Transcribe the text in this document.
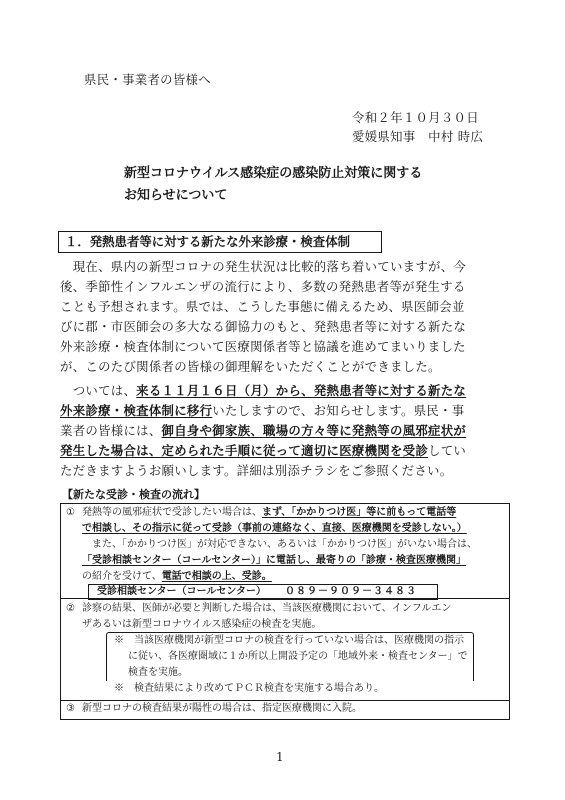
県民・事業者の皆様へ
令和２年１０月３０日
愛媛県知事　中村 時広
新型コロナウイルス感染症の感染防止対策に関する
お知らせについて
１．発熱患者等に対する新たな外来診療・検査体制
　現在、県内の新型コロナの発生状況は比較的落ち着いていますが、今
後、季節性インフルエンザの流行により、多数の発熱患者等が発生する
ことも予想されます。県では、こうした事態に備えるため、県医師会並
びに郡・市医師会の多大なる御協力のもと、発熱患者等に対する新たな
外来診療・検査体制について医療関係者等と協議を進めてまいりました
が、このたび関係者の皆様の御理解をいただくことができました。
　ついては、来る１１月１６日（月）から、発熱患者等に対する新たな
外来診療・検査体制に移行いたしますので、お知らせします。県民・事
業者の皆様には、御自身や御家族、職場の方々等に発熱等の風邪症状が
発生した場合は、定められた手順に従って適切に医療機関を受診してい
ただきますようお願いします。詳細は別添チラシをご参照ください。
【新たな受診・検査の流れ】
① 発熱等の風邪症状で受診したい場合は、まず、「かかりつけ医」等に前もって電話等
で相談し、その指示に従って受診（事前の連絡なく、直接、医療機関を受診しない。）
また、「かかりつけ医」が対応できない、あるいは「かかりつけ医」がいない場合は、
「受診相談センター（コールセンター）」に電話し、最寄りの「診療・検査医療機関」
の紹介を受けて、電話で相談の上、受診。
受診相談センター（コールセンター） ０８９－９０９－３４８３
② 診察の結果、医師が必要と判断した場合は、当該医療機関において、インフルエン
ザあるいは新型コロナウイルス感染症の検査を実施。
※　当該医療機関が新型コロナの検査を行っていない場合は、医療機関の指示
に従い、各医療圏域に１か所以上開設予定の「地域外来・検査センター」で
検査を実施。
※　検査結果により改めてＰＣＲ検査を実施する場合あり。
③ 新型コロナの検査結果が陽性の場合は、指定医療機関に入院。
1
